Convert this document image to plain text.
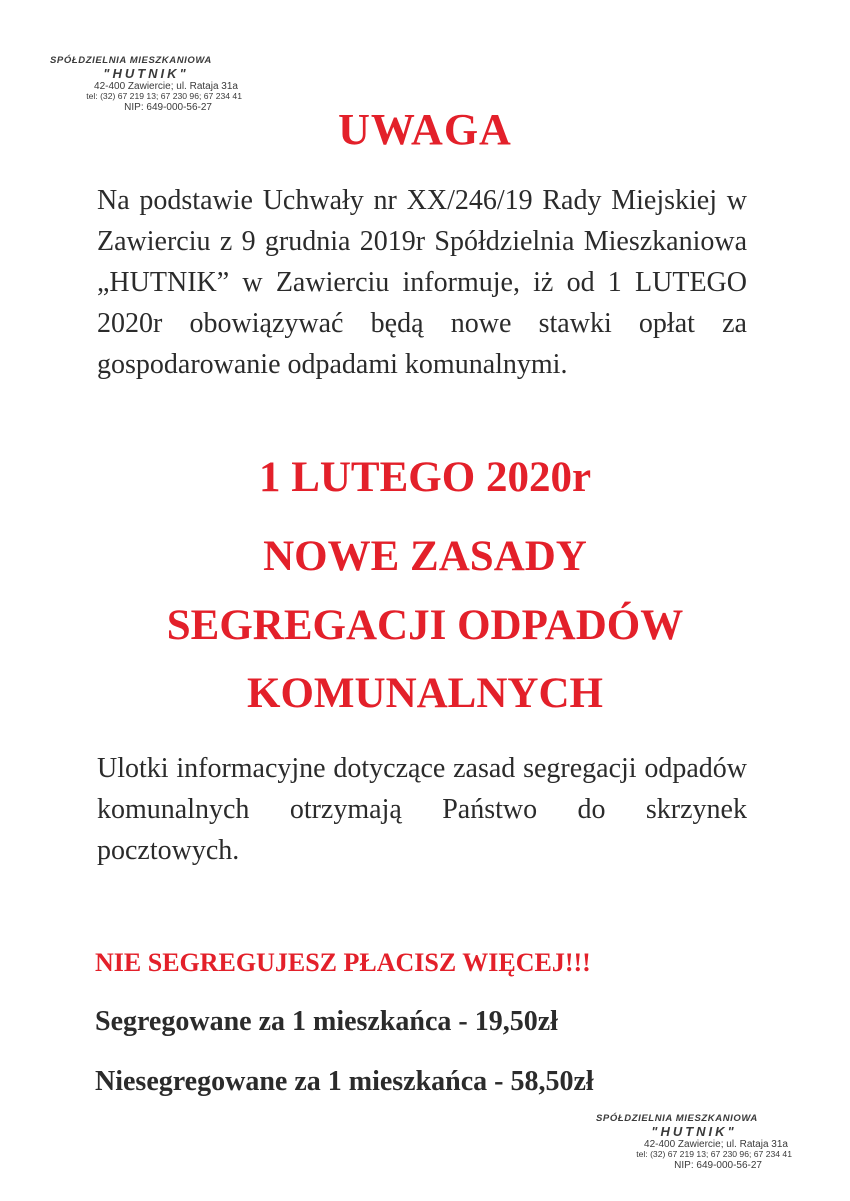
SPÓŁDZIELNIA MIESZKANIOWA
"HUTNIK"
42-400 Zawiercie; ul. Rataja 31a
tel: (32) 67 219 13; 67 230 96; 67 234 41
NIP: 649-000-56-27	UWAGA
Na podstawie Uchwały nr XX/246/19 Rady Miejskiej w Zawierciu z 9 grudnia 2019r Spółdzielnia Mieszkaniowa „HUTNIK” w Zawierciu informuje, iż od 1 LUTEGO 2020r obowiązywać będą nowe stawki opłat za gospodarowanie odpadami komunalnymi.
1 LUTEGO 2020r
NOWE ZASADY
SEGREGACJI ODPADÓW
KOMUNALNYCH
Ulotki informacyjne dotyczące zasad segregacji odpadów komunalnych otrzymają Państwo do skrzynek pocztowych.
NIE SEGREGUJESZ PŁACISZ WIĘCEJ!!!
Segregowane za 1 mieszkańca - 19,50zł
Niesegregowane za 1 mieszkańca - 58,50zł
SPÓŁDZIELNIA MIESZKANIOWA
"HUTNIK"
42-400 Zawiercie; ul. Rataja 31a
tel: (32) 67 219 13; 67 230 96; 67 234 41
NIP: 649-000-56-27
